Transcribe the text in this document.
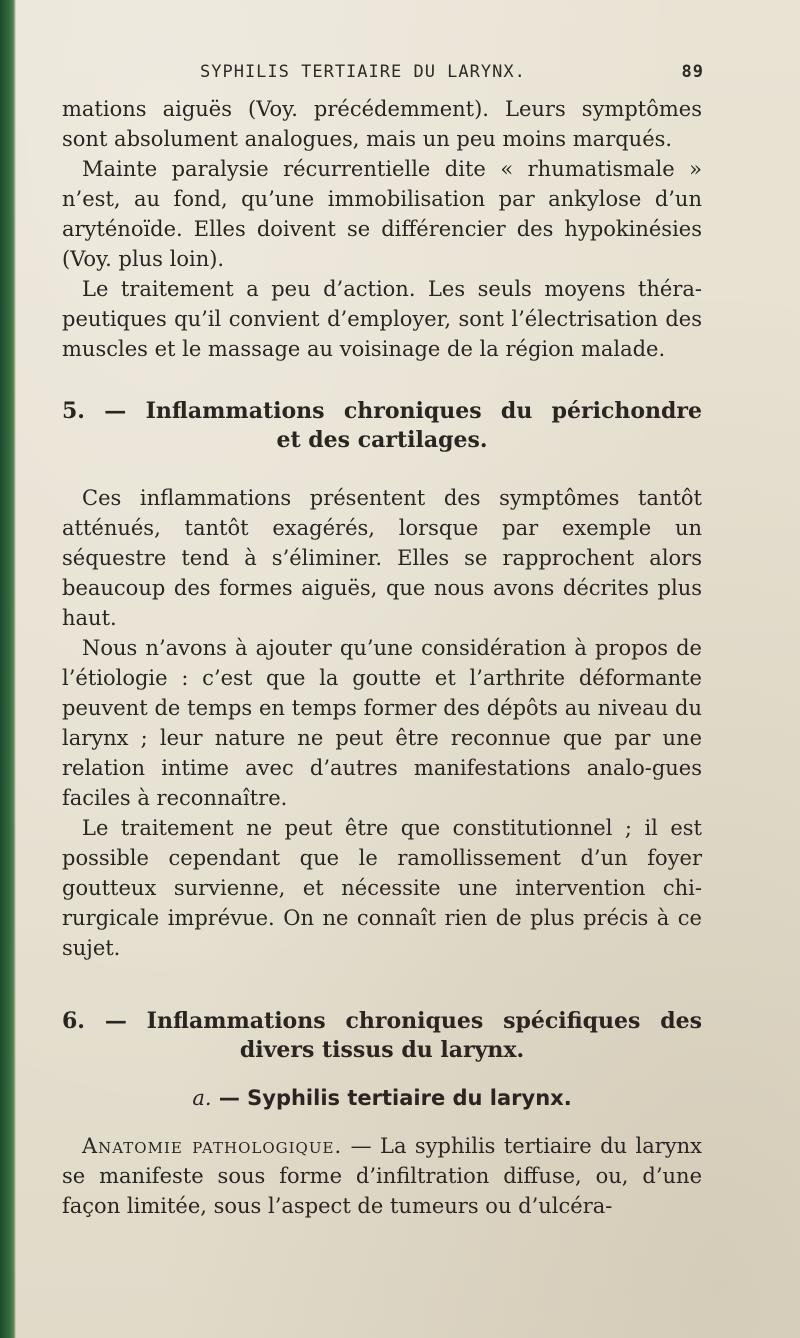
SYPHILIS TERTIAIRE DU LARYNX.	89

mations aiguës (Voy. précédemment). Leurs symptômes sont absolument analogues, mais un peu moins marqués.

Mainte paralysie récurrentielle dite « rhumatismale » n’est, au fond, qu’une immobilisation par ankylose d’un aryténoïde. Elles doivent se différencier des hypokinésies (Voy. plus loin).

Le traitement a peu d’action. Les seuls moyens théra-peutiques qu’il convient d’employer, sont l’électrisation des muscles et le massage au voisinage de la région malade.

5. — Inflammations chroniques du périchondre
et des cartilages.

Ces inflammations présentent des symptômes tantôt atténués, tantôt exagérés, lorsque par exemple un séquestre tend à s’éliminer. Elles se rapprochent alors beaucoup des formes aiguës, que nous avons décrites plus haut.

Nous n’avons à ajouter qu’une considération à propos de l’étiologie : c’est que la goutte et l’arthrite déformante peuvent de temps en temps former des dépôts au niveau du larynx ; leur nature ne peut être reconnue que par une relation intime avec d’autres manifestations analo-gues faciles à reconnaître.

Le traitement ne peut être que constitutionnel ; il est possible cependant que le ramollissement d’un foyer goutteux survienne, et nécessite une intervention chi-rurgicale imprévue. On ne connaît rien de plus précis à ce sujet.

6. — Inflammations chroniques spécifiques des
divers tissus du larynx.
a. — Syphilis tertiaire du larynx.

Anatomie pathologique. — La syphilis tertiaire du larynx se manifeste sous forme d’infiltration diffuse, ou, d’une façon limitée, sous l’aspect de tumeurs ou d’ulcéra-
